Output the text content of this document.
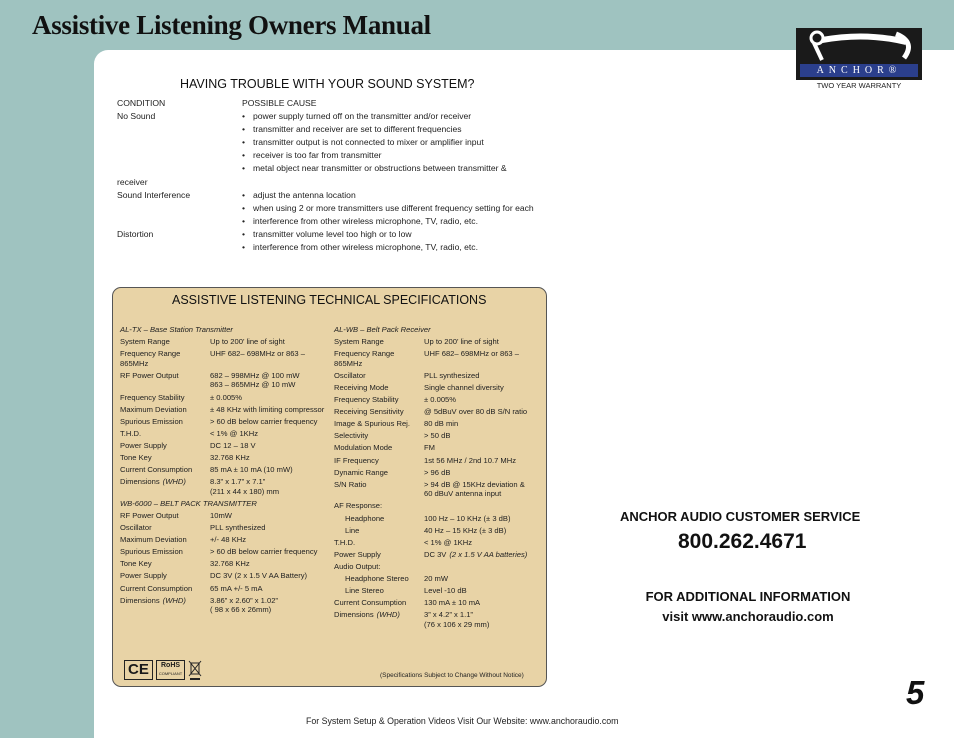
Assistive Listening Owners Manual
ANCHOR®
TWO YEAR WARRANTY
HAVING TROUBLE WITH YOUR SOUND SYSTEM?
CONDITION	POSSIBLE CAUSE
No Sound	• power supply turned off on the transmitter and/or receiver
• transmitter and receiver are set to different frequencies
• transmitter output is not connected to mixer or amplifier input
• receiver is too far from transmitter
• metal object near transmitter or obstructions between transmitter &
receiver
Sound Interference	• adjust the antenna location
• when using 2 or more transmitters use different frequency setting for each
• interference from other wireless microphone, TV, radio, etc.
Distortion	• transmitter volume level too high or to low
• interference from other wireless microphone, TV, radio, etc.
ASSISTIVE LISTENING TECHNICAL SPECIFICATIONS
AL-TX – Base Station Transmitter
System Range	Up to 200’ line of sight
Frequency Range	UHF 682– 698MHz or 863 – 865MHz
RF Power Output	682 – 998MHz @ 100 mW
863 – 865MHz @ 10 mW
Frequency Stability	± 0.005%
Maximum Deviation	± 48 KHz with limiting compressor
Spurious Emission	> 60 dB below carrier frequency
T.H.D.	< 1% @ 1KHz
Power Supply	DC 12 – 18 V
Tone Key	32.768 KHz
Current Consumption	85 mA ± 10 mA (10 mW)
Dimensions (WHD)	8.3” x 1.7” x 7.1”
(211 x 44 x 180) mm
WB-6000 – BELT PACK TRANSMITTER
RF Power Output	10mW
Oscillator	PLL synthesized
Maximum Deviation	+/- 48 KHz
Spurious Emission	> 60 dB below carrier frequency
Tone Key	32.768 KHz
Power Supply	DC 3V (2 x 1.5 V AA Battery)
Current Consumption	65 mA +/- 5 mA
Dimensions (WHD)	3.86” x 2.60” x 1.02”
( 98 x 66 x 26mm)
AL-WB – Belt Pack Receiver
System Range	Up to 200’ line of sight
Frequency Range	UHF 682– 698MHz or 863 – 865MHz
Oscillator	PLL synthesized
Receiving Mode	Single channel diversity
Frequency Stability	± 0.005%
Receiving Sensitivity	@ 5dBuV over 80 dB S/N ratio
Image & Spurious Rej.	80 dB min
Selectivity	> 50 dB
Modulation Mode	FM
IF Frequency	1st 56 MHz / 2nd 10.7 MHz
Dynamic Range	> 96 dB
S/N Ratio	> 94 dB @ 15KHz deviation &
60 dBuV antenna input
AF Response:
Headphone	100 Hz – 10 KHz (± 3 dB)
Line	40 Hz – 15 KHz (± 3 dB)
T.H.D.	< 1% @ 1KHz
Power Supply	DC 3V (2 x 1.5 V AA batteries)
Audio Output:
Headphone Stereo	20 mW
Line Stereo	Level -10 dB
Current Consumption	130 mA ± 10 mA
Dimensions (WHD)	3” x 4.2” x 1.1”
(76 x 106 x 29 mm)
CE	RoHS
COMPLIANT	(Specifications Subject to Change Without Notice)
ANCHOR AUDIO CUSTOMER SERVICE
800.262.4671
FOR ADDITIONAL INFORMATION
visit www.anchoraudio.com
5
For System Setup & Operation Videos Visit Our Website: www.anchoraudio.com
